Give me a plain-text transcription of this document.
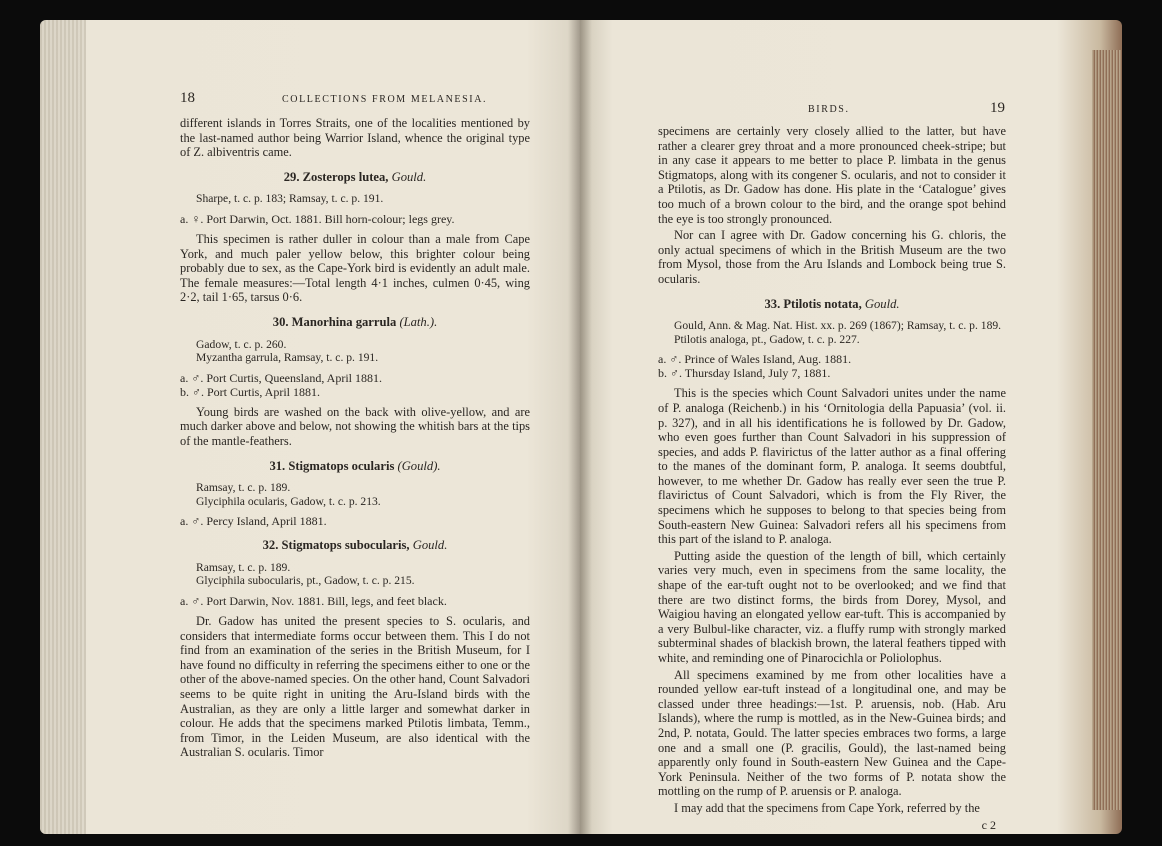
18	COLLECTIONS FROM MELANESIA.

different islands in Torres Straits, one of the localities mentioned by the last-named author being Warrior Island, whence the original type of Z. albiventris came.

29. Zosterops lutea, Gould.
Sharpe, t. c. p. 183; Ramsay, t. c. p. 191.

a. ♀. Port Darwin, Oct. 1881. Bill horn-colour; legs grey.

This specimen is rather duller in colour than a male from Cape York, and much paler yellow below, this brighter colour being probably due to sex, as the Cape-York bird is evidently an adult male. The female measures:—Total length 4·1 inches, culmen 0·45, wing 2·2, tail 1·65, tarsus 0·6.

30. Manorhina garrula (Lath.).
Gadow, t. c. p. 260.
Myzantha garrula, Ramsay, t. c. p. 191.

a. ♂. Port Curtis, Queensland, April 1881.

b. ♂. Port Curtis, April 1881.

Young birds are washed on the back with olive-yellow, and are much darker above and below, not showing the whitish bars at the tips of the mantle-feathers.

31. Stigmatops ocularis (Gould).
Ramsay, t. c. p. 189.
Glyciphila ocularis, Gadow, t. c. p. 213.

a. ♂. Percy Island, April 1881.

32. Stigmatops subocularis, Gould.
Ramsay, t. c. p. 189.
Glyciphila subocularis, pt., Gadow, t. c. p. 215.

a. ♂. Port Darwin, Nov. 1881. Bill, legs, and feet black.

Dr. Gadow has united the present species to S. ocularis, and considers that intermediate forms occur between them. This I do not find from an examination of the series in the British Museum, for I have found no difficulty in referring the specimens either to one or the other of the above-named species. On the other hand, Count Salvadori seems to be quite right in uniting the Aru-Island birds with the Australian, as they are only a little larger and somewhat darker in colour. He adds that the specimens marked Ptilotis limbata, Temm., from Timor, in the Leiden Museum, are also identical with the Australian S. ocularis. Timor

BIRDS.	19

specimens are certainly very closely allied to the latter, but have rather a clearer grey throat and a more pronounced cheek-stripe; but in any case it appears to me better to place P. limbata in the genus Stigmatops, along with its congener S. ocularis, and not to consider it a Ptilotis, as Dr. Gadow has done. His plate in the ‘Catalogue’ gives too much of a brown colour to the bird, and the orange spot behind the eye is too strongly pronounced.

Nor can I agree with Dr. Gadow concerning his G. chloris, the only actual specimens of which in the British Museum are the two from Mysol, those from the Aru Islands and Lombock being true S. ocularis.

33. Ptilotis notata, Gould.
Gould, Ann. & Mag. Nat. Hist. xx. p. 269 (1867); Ramsay, t. c. p. 189.
Ptilotis analoga, pt., Gadow, t. c. p. 227.

a. ♂. Prince of Wales Island, Aug. 1881.

b. ♂. Thursday Island, July 7, 1881.

This is the species which Count Salvadori unites under the name of P. analoga (Reichenb.) in his ‘Ornitologia della Papuasia’ (vol. ii. p. 327), and in all his identifications he is followed by Dr. Gadow, who even goes further than Count Salvadori in his suppression of species, and adds P. flavirictus of the latter author as a final offering to the manes of the dominant form, P. analoga. It seems doubtful, however, to me whether Dr. Gadow has really ever seen the true P. flavirictus of Count Salvadori, which is from the Fly River, the specimens which he supposes to belong to that species being from South-eastern New Guinea: Salvadori refers all his specimens from this part of the island to P. analoga.

Putting aside the question of the length of bill, which certainly varies very much, even in specimens from the same locality, the shape of the ear-tuft ought not to be overlooked; and we find that there are two distinct forms, the birds from Dorey, Mysol, and Waigiou having an elongated yellow ear-tuft. This is accompanied by a very Bulbul-like character, viz. a fluffy rump with strongly marked subterminal shades of blackish brown, the lateral feathers tipped with white, and reminding one of Pinarocichla or Poliolophus.

All specimens examined by me from other localities have a rounded yellow ear-tuft instead of a longitudinal one, and may be classed under three headings:—1st. P. aruensis, nob. (Hab. Aru Islands), where the rump is mottled, as in the New-Guinea birds; and 2nd, P. notata, Gould. The latter species embraces two forms, a large one and a small one (P. gracilis, Gould), the last-named being apparently only found in South-eastern New Guinea and the Cape-York Peninsula. Neither of the two forms of P. notata show the mottling on the rump of P. aruensis or P. analoga.

I may add that the specimens from Cape York, referred by the

c 2
